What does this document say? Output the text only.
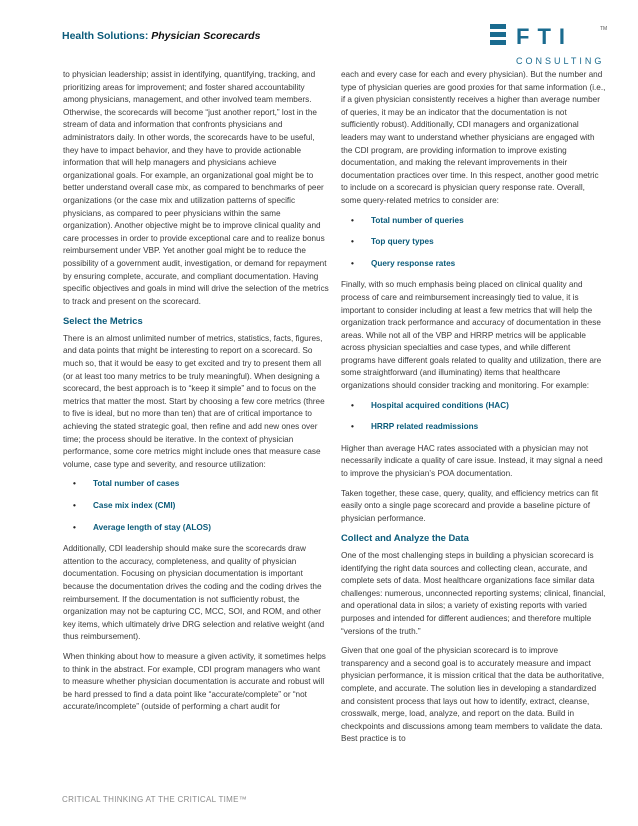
Health Solutions: Physician Scorecards	FTI	TM
CONSULTING

to physician leadership; assist in identifying, quantifying, tracking, and prioritizing areas for improvement; and foster shared accountability among physicians, management, and other involved team members. Otherwise, the scorecards will become “just another report,” lost in the stream of data and information that confronts physicians and administrators daily. In other words, the scorecards have to be useful, they have to impact behavior, and they have to provide actionable information that will help managers and physicians achieve organizational goals. For example, an organizational goal might be to better understand overall case mix, as compared to benchmarks of peer organizations (or the case mix and utilization patterns of specific physicians, as compared to peer physicians within the same organization). Another objective might be to improve clinical quality and care processes in order to provide exceptional care and to realize bonus reimbursement under VBP. Yet another goal might be to reduce the possibility of a government audit, investigation, or demand for repayment by ensuring complete, accurate, and compliant documentation. Having specific objectives and goals in mind will drive the selection of the metrics to track and present on the scorecard.

Select the Metrics

There is an almost unlimited number of metrics, statistics, facts, figures, and data points that might be interesting to report on a scorecard. So much so, that it would be easy to get excited and try to present them all (or at least too many metrics to be truly meaningful). When designing a scorecard, the best approach is to “keep it simple” and to focus on the metrics that matter the most. Start by choosing a few core metrics (three to five is ideal, but no more than ten) that are of critical importance to achieving the stated strategic goal, then refine and add new ones over time; the process should be iterative. In the context of physician performance, some core metrics might include ones that measure case volume, case type and severity, and resource utilization:

• Total number of cases
• Case mix index (CMI)
• Average length of stay (ALOS)

Additionally, CDI leadership should make sure the scorecards draw attention to the accuracy, completeness, and quality of physician documentation. Focusing on physician documentation is important because the documentation drives the coding and the coding drives the reimbursement. If the documentation is not sufficiently robust, the organization may not be capturing CC, MCC, SOI, and ROM, and other key items, which ultimately drive DRG selection and relative weight (and thus reimbursement).

When thinking about how to measure a given activity, it sometimes helps to think in the abstract. For example, CDI program managers who want to measure whether physician documentation is accurate and robust will be hard pressed to find a data point like “accurate/complete” or “not accurate/incomplete” (outside of performing a chart audit for

each and every case for each and every physician). But the number and type of physician queries are good proxies for that same information (i.e., if a given physician consistently receives a higher than average number of queries, it may be an indicator that the documentation is not sufficiently robust). Additionally, CDI managers and organizational leaders may want to understand whether physicians are engaged with the CDI program, are providing information to improve existing documentation, and making the relevant improvements in their documentation practices over time. In this respect, another good metric to include on a scorecard is physician query response rate. Overall, some query-related metrics to consider are:

• Total number of queries
• Top query types
• Query response rates

Finally, with so much emphasis being placed on clinical quality and process of care and reimbursement increasingly tied to value, it is important to consider including at least a few metrics that will help the organization track performance and accuracy of documentation in these areas. While not all of the VBP and HRRP metrics will be applicable across physician specialties and case types, and while different programs have different goals related to quality and utilization, there are some straightforward (and illuminating) items that healthcare organizations should consider tracking and monitoring. For example:

• Hospital acquired conditions (HAC)
• HRRP related readmissions

Higher than average HAC rates associated with a physician may not necessarily indicate a quality of care issue. Instead, it may signal a need to improve the physician’s POA documentation.

Taken together, these case, query, quality, and efficiency metrics can fit easily onto a single page scorecard and provide a baseline picture of physician performance.

Collect and Analyze the Data

One of the most challenging steps in building a physician scorecard is identifying the right data sources and collecting clean, accurate, and complete sets of data. Most healthcare organizations face similar data challenges: numerous, unconnected reporting systems; clinical, financial, and operational data in silos; a variety of existing reports with varied purposes and intended for different audiences; and therefore multiple “versions of the truth.”

Given that one goal of the physician scorecard is to improve transparency and a second goal is to accurately measure and impact physician performance, it is mission critical that the data be authoritative, complete, and accurate. The solution lies in developing a standardized and consistent process that lays out how to identify, extract, cleanse, crosswalk, merge, load, analyze, and report on the data. Build in checkpoints and discussions among team members to validate the data. Best practice is to

CRITICAL THINKING AT THE CRITICAL TIME™
